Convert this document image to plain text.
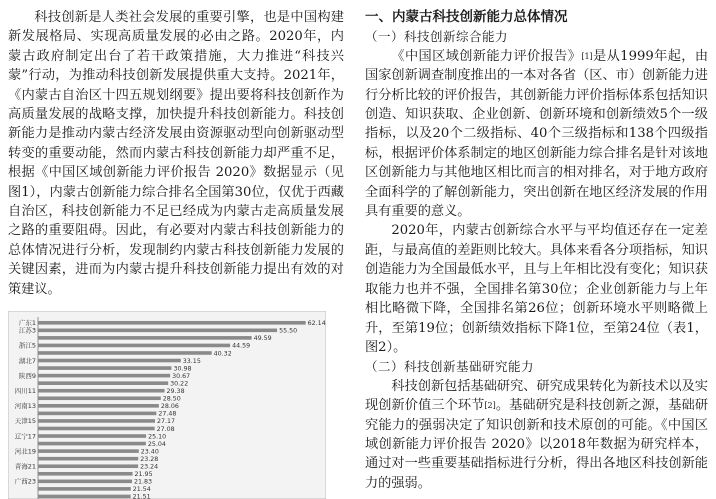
科技创新是人类社会发展的重要引擎，也是中国构建新发展格局、实现高质量发展的必由之路。2020年，内蒙古政府制定出台了若干政策措施，大力推进“科技兴蒙”行动，为推动科技创新发展提供重大支持。2021年，《内蒙古自治区十四五规划纲要》提出要将科技创新作为高质量发展的战略支撑，加快提升科技创新能力。科技创新能力是推动内蒙古经济发展由资源驱动型向创新驱动型转变的重要动能，然而内蒙古科技创新能力却严重不足，根据《中国区域创新能力评价报告 2020》数据显示（见图1），内蒙古创新能力综合排名全国第30位，仅优于西藏自治区，科技创新能力不足已经成为内蒙古走高质量发展之路的重要阻碍。因此，有必要对内蒙古科技创新能力的总体情况进行分析，发现制约内蒙古科技创新能力发展的关键因素，进而为内蒙古提升科技创新能力提出有效的对策建议。

62.14
广东1
55.50
江苏3
49.59
44.59
浙江5
40.32
33.15
湖北7
30.98
30.67
陕西9
30.22
29.38
四川11
28.50
28.06
河南13
27.48
27.17
天津15
27.08
25.10
辽宁17
25.04
23.40
河北19
23.28
23.24
青海21
21.95
21.83
广西23
21.54
21.51

一、内蒙古科技创新能力总体情况

（一）科技创新综合能力

《中国区域创新能力评价报告》[1]是从1999年起，由国家创新调查制度推出的一本对各省（区、市）创新能力进行分析比较的评价报告，其创新能力评价指标体系包括知识创造、知识获取、企业创新、创新环境和创新绩效5个一级指标，以及20个二级指标、40个三级指标和138个四级指标，根据评价体系制定的地区创新能力综合排名是针对该地区创新能力与其他地区相比而言的相对排名，对于地方政府全面科学的了解创新能力，突出创新在地区经济发展的作用具有重要的意义。

2020年，内蒙古创新综合水平与平均值还存在一定差距，与最高值的差距则比较大。具体来看各分项指标，知识创造能力为全国最低水平，且与上年相比没有变化；知识获取能力也并不强，全国排名第30位；企业创新能力与上年相比略微下降，全国排名第26位；创新环境水平则略微上升，至第19位；创新绩效指标下降1位，至第24位（表1，图2）。

（二）科技创新基础研究能力

科技创新包括基础研究、研究成果转化为新技术以及实现创新价值三个环节[2]。基础研究是科技创新之源，基础研究能力的强弱决定了知识创新和技术原创的可能。《中国区域创新能力评价报告 2020》以2018年数据为研究样本，通过对一些重要基础指标进行分析，得出各地区科技创新能力的强弱。
